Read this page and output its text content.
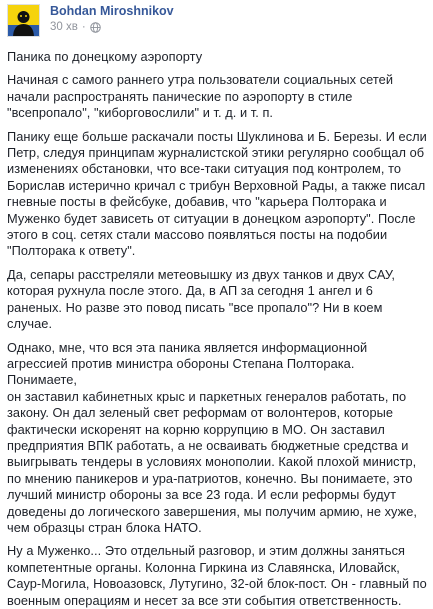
Bohdan Miroshnikov
30 хв ·

Паника по донецкому аэропорту

Начиная с самого раннего утра пользователи социальных сетей
начали распространять панические по аэропорту в стиле
"всепропало", "киборговослили" и т. д. и т. п.

Панику еще больше раскачали посты Шуклинова и Б. Березы. И если
Петр, следуя принципам журналистской этики регулярно сообщал об
изменениях обстановки, что все-таки ситуация под контролем, то
Борислав истерично кричал с трибун Верховной Рады, а также писал
гневные посты в фейсбуке, добавив, что "карьера Полторака и
Муженко будет зависеть от ситуации в донецком аэропорту". После
этого в соц. сетях стали массово появляться посты на подобии
"Полторака к ответу".

Да, сепары расстреляли метеовышку из двух танков и двух САУ,
которая рухнула после этого. Да, в АП за сегодня 1 ангел и 6
раненых. Но разве это повод писать "все пропало"? Ни в коем случае.

Однако, мне, что вся эта паника является информационной
агрессией против министра обороны Степана Полторака. Понимаете,
он заставил кабинетных крыс и паркетных генералов работать, по
закону. Он дал зеленый свет реформам от волонтеров, которые
фактически искоренят на корню коррупцию в МО. Он заставил
предприятия ВПК работать, а не осваивать бюджетные средства и
выигрывать тендеры в условиях монополии. Какой плохой министр,
по мнению паникеров и ура-патриотов, конечно. Вы понимаете, это
лучший министр обороны за все 23 года. И если реформы будут
доведены до логического завершения, мы получим армию, не хуже,
чем образцы стран блока НАТО.

Ну а Муженко... Это отдельный разговор, и этим должны заняться
компетентные органы. Колонна Гиркина из Славянска, Иловайск,
Саур-Могила, Новоазовск, Лутугино, 32-ой блок-пост. Он - главный по
военным операциям и несет за все эти события ответственность.
